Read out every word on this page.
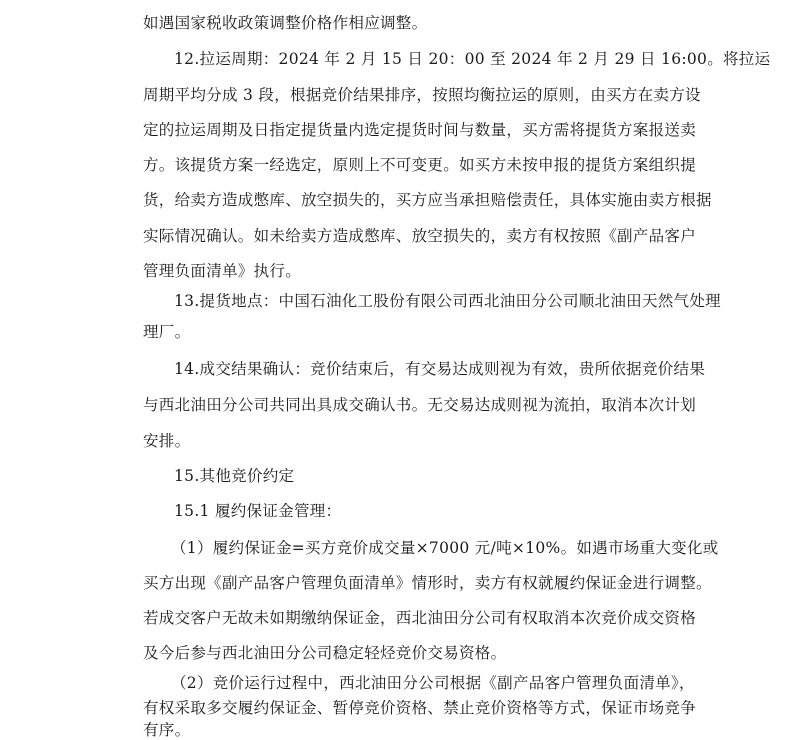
如遇国家税收政策调整价格作相应调整。
12.拉运周期：2024 年 2 月 15 日 20：00 至 2024 年 2 月 29 日 16:00。将拉运
周期平均分成 3 段，根据竞价结果排序，按照均衡拉运的原则，由买方在卖方设
定的拉运周期及日指定提货量内选定提货时间与数量，买方需将提货方案报送卖
方。该提货方案一经选定，原则上不可变更。如买方未按申报的提货方案组织提
货，给卖方造成憋库、放空损失的，买方应当承担赔偿责任，具体实施由卖方根据
实际情况确认。如未给卖方造成憋库、放空损失的，卖方有权按照《副产品客户
管理负面清单》执行。
13.提货地点：中国石油化工股份有限公司西北油田分公司顺北油田天然气处理
理厂。
14.成交结果确认：竞价结束后，有交易达成则视为有效，贵所依据竞价结果
与西北油田分公司共同出具成交确认书。无交易达成则视为流拍，取消本次计划
安排。
15.其他竞价约定
15.1 履约保证金管理：
（1）履约保证金=买方竞价成交量×7000 元/吨×10%。如遇市场重大变化或
买方出现《副产品客户管理负面清单》情形时，卖方有权就履约保证金进行调整。
若成交客户无故未如期缴纳保证金，西北油田分公司有权取消本次竞价成交资格
及今后参与西北油田分公司稳定轻烃竞价交易资格。
（2）竞价运行过程中，西北油田分公司根据《副产品客户管理负面清单》，
有权采取多交履约保证金、暂停竞价资格、禁止竞价资格等方式，保证市场竞争
有序。
